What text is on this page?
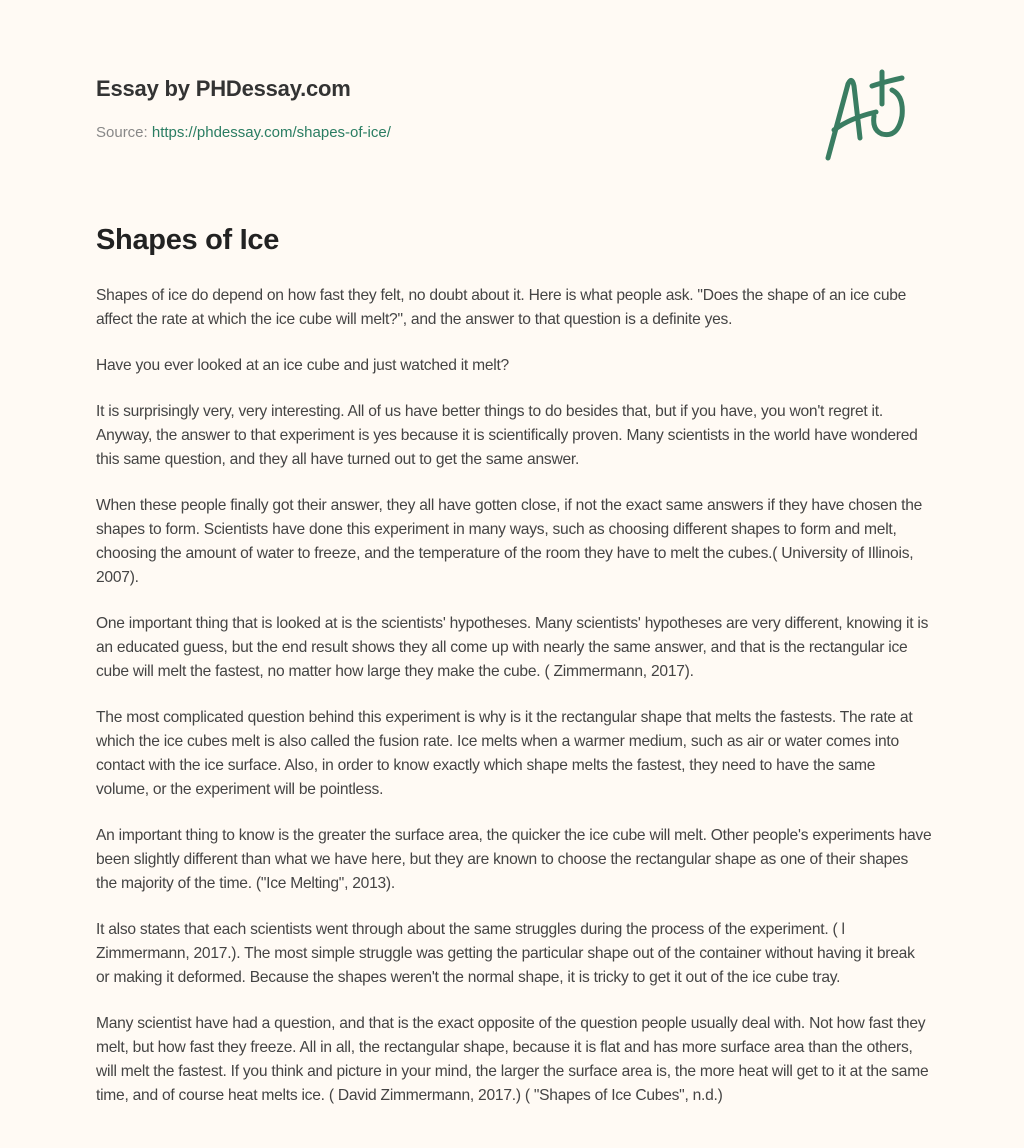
Essay by PHDessay.com
Source: https://phdessay.com/shapes-of-ice/
Shapes of Ice

Shapes of ice do depend on how fast they felt, no doubt about it. Here is what people ask. "Does the shape of an ice cube affect the rate at which the ice cube will melt?", and the answer to that question is a definite yes.

Have you ever looked at an ice cube and just watched it melt?

It is surprisingly very, very interesting. All of us have better things to do besides that, but if you have, you won't regret it. Anyway, the answer to that experiment is yes because it is scientifically proven. Many scientists in the world have wondered this same question, and they all have turned out to get the same answer.

When these people finally got their answer, they all have gotten close, if not the exact same answers if they have chosen the shapes to form. Scientists have done this experiment in many ways, such as choosing different shapes to form and melt, choosing the amount of water to freeze, and the temperature of the room they have to melt the cubes.( University of Illinois, 2007).

One important thing that is looked at is the scientists' hypotheses. Many scientists' hypotheses are very different, knowing it is an educated guess, but the end result shows they all come up with nearly the same answer, and that is the rectangular ice cube will melt the fastest, no matter how large they make the cube. ( Zimmermann, 2017).

The most complicated question behind this experiment is why is it the rectangular shape that melts the fastests. The rate at which the ice cubes melt is also called the fusion rate. Ice melts when a warmer medium, such as air or water comes into contact with the ice surface. Also, in order to know exactly which shape melts the fastest, they need to have the same volume, or the experiment will be pointless.

An important thing to know is the greater the surface area, the quicker the ice cube will melt. Other people's experiments have been slightly different than what we have here, but they are known to choose the rectangular shape as one of their shapes the majority of the time. ("Ice Melting", 2013).

It also states that each scientists went through about the same struggles during the process of the experiment. ( l Zimmermann, 2017.). The most simple struggle was getting the particular shape out of the container without having it break or making it deformed. Because the shapes weren't the normal shape, it is tricky to get it out of the ice cube tray.

Many scientist have had a question, and that is the exact opposite of the question people usually deal with. Not how fast they melt, but how fast they freeze. All in all, the rectangular shape, because it is flat and has more surface area than the others, will melt the fastest. If you think and picture in your mind, the larger the surface area is, the more heat will get to it at the same time, and of course heat melts ice. ( David Zimmermann, 2017.) ( "Shapes of Ice Cubes", n.d.)
